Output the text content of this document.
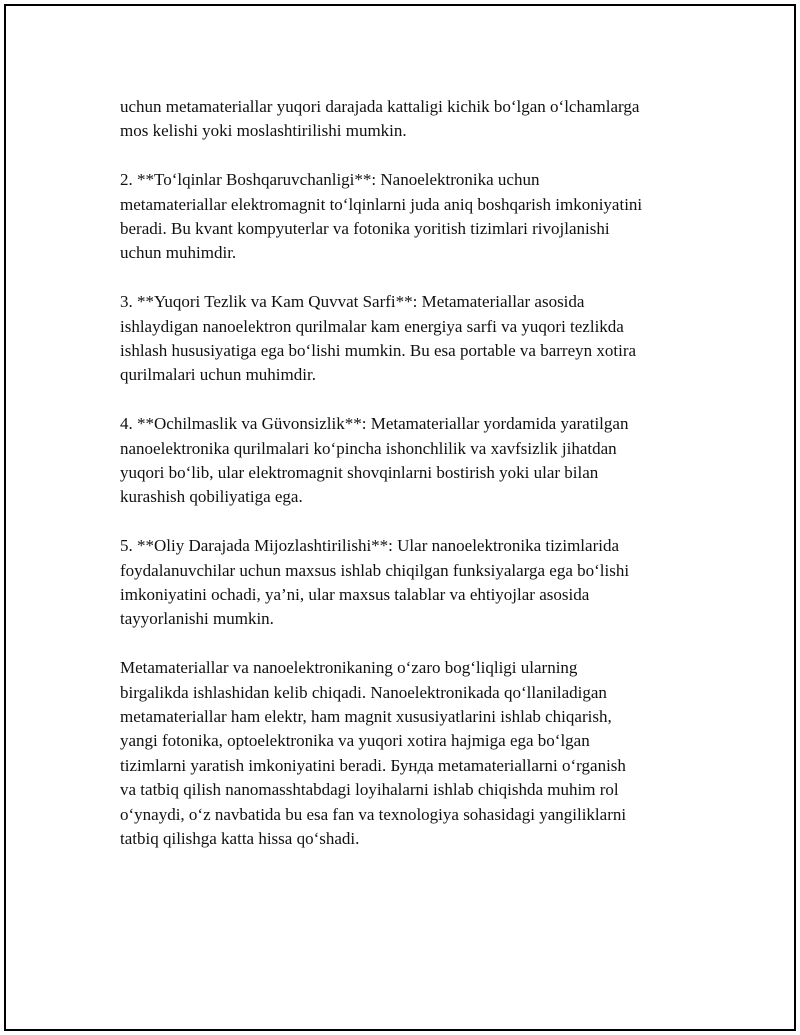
uchun metamateriallar yuqori darajada kattaligi kichik bo‘lgan o‘lchamlarga
mos kelishi yoki moslashtirilishi mumkin.

2. **To‘lqinlar Boshqaruvchanligi**: Nanoelektronika uchun
metamateriallar elektromagnit to‘lqinlarni juda aniq boshqarish imkoniyatini
beradi. Bu kvant kompyuterlar va fotonika yoritish tizimlari rivojlanishi
uchun muhimdir.

3. **Yuqori Tezlik va Kam Quvvat Sarfi**: Metamateriallar asosida
ishlaydigan nanoelektron qurilmalar kam energiya sarfi va yuqori tezlikda
ishlash hususiyatiga ega bo‘lishi mumkin. Bu esa portable va barreyn xotira
qurilmalari uchun muhimdir.

4. **Ochilmaslik va Güvonsizlik**: Metamateriallar yordamida yaratilgan
nanoelektronika qurilmalari ko‘pincha ishonchlilik va xavfsizlik jihatdan
yuqori bo‘lib, ular elektromagnit shovqinlarni bostirish yoki ular bilan
kurashish qobiliyatiga ega.

5. **Oliy Darajada Mijozlashtirilishi**: Ular nanoelektronika tizimlarida
foydalanuvchilar uchun maxsus ishlab chiqilgan funksiyalarga ega bo‘lishi
imkoniyatini ochadi, ya’ni, ular maxsus talablar va ehtiyojlar asosida
tayyorlanishi mumkin.

Metamateriallar va nanoelektronikaning o‘zaro bog‘liqligi ularning
birgalikda ishlashidan kelib chiqadi. Nanoelektronikada qo‘llaniladigan
metamateriallar ham elektr, ham magnit xususiyatlarini ishlab chiqarish,
yangi fotonika, optoelektronika va yuqori xotira hajmiga ega bo‘lgan
tizimlarni yaratish imkoniyatini beradi. Бунда metamateriallarni o‘rganish
va tatbiq qilish nanomasshtabdagi loyihalarni ishlab chiqishda muhim rol
o‘ynaydi, o‘z navbatida bu esa fan va texnologiya sohasidagi yangiliklarni
tatbiq qilishga katta hissa qo‘shadi.
